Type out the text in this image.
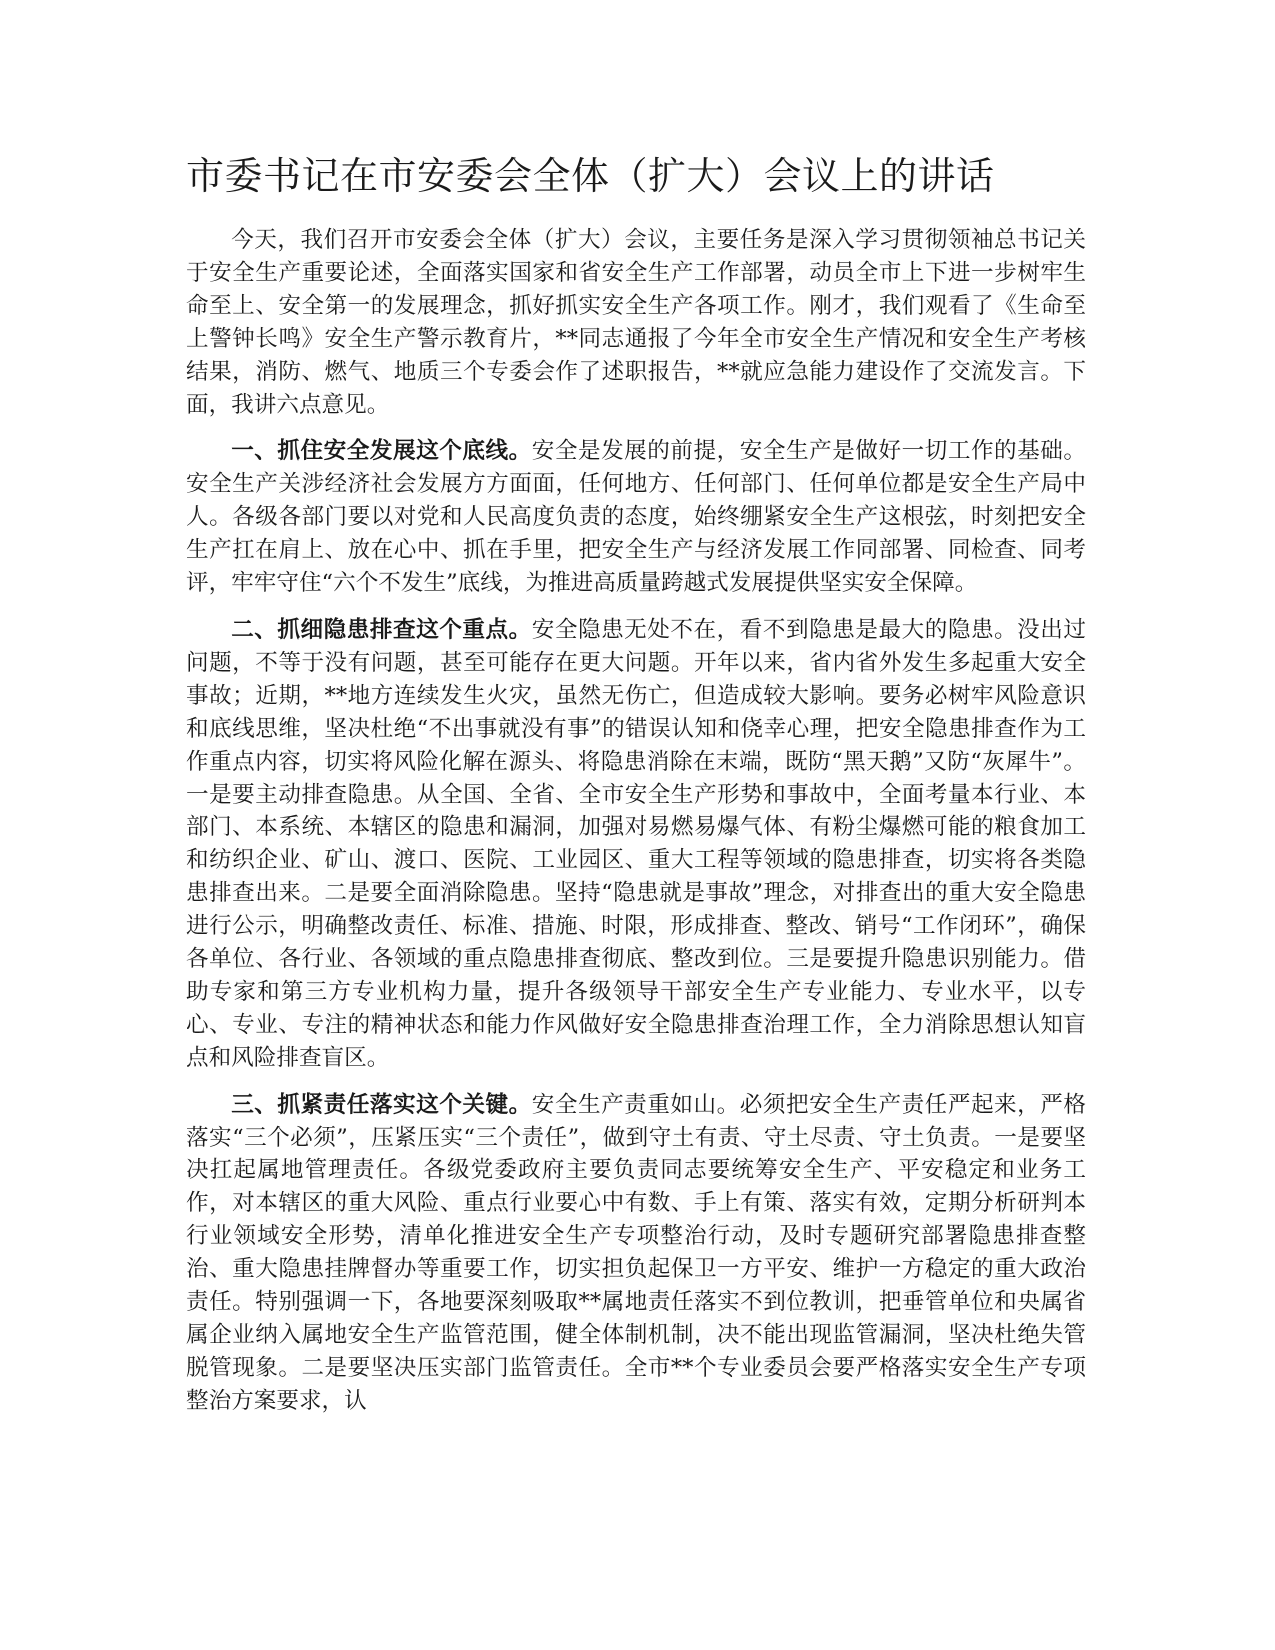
市委书记在市安委会全体（扩大）会议上的讲话

今天，我们召开市安委会全体（扩大）会议，主要任务是深入学习贯彻领袖总书记关于安全生产重要论述，全面落实国家和省安全生产工作部署，动员全市上下进一步树牢生命至上、安全第一的发展理念，抓好抓实安全生产各项工作。刚才，我们观看了《生命至上警钟长鸣》安全生产警示教育片，**同志通报了今年全市安全生产情况和安全生产考核结果，消防、燃气、地质三个专委会作了述职报告，**就应急能力建设作了交流发言。下面，我讲六点意见。

一、抓住安全发展这个底线。安全是发展的前提，安全生产是做好一切工作的基础。安全生产关涉经济社会发展方方面面，任何地方、任何部门、任何单位都是安全生产局中人。各级各部门要以对党和人民高度负责的态度，始终绷紧安全生产这根弦，时刻把安全生产扛在肩上、放在心中、抓在手里，把安全生产与经济发展工作同部署、同检查、同考评，牢牢守住“六个不发生”底线，为推进高质量跨越式发展提供坚实安全保障。

二、抓细隐患排查这个重点。安全隐患无处不在，看不到隐患是最大的隐患。没出过问题，不等于没有问题，甚至可能存在更大问题。开年以来，省内省外发生多起重大安全事故；近期，**地方连续发生火灾，虽然无伤亡，但造成较大影响。要务必树牢风险意识和底线思维，坚决杜绝“不出事就没有事”的错误认知和侥幸心理，把安全隐患排查作为工作重点内容，切实将风险化解在源头、将隐患消除在末端，既防“黑天鹅”又防“灰犀牛”。一是要主动排查隐患。从全国、全省、全市安全生产形势和事故中，全面考量本行业、本部门、本系统、本辖区的隐患和漏洞，加强对易燃易爆气体、有粉尘爆燃可能的粮食加工和纺织企业、矿山、渡口、医院、工业园区、重大工程等领域的隐患排查，切实将各类隐患排查出来。二是要全面消除隐患。坚持“隐患就是事故”理念，对排查出的重大安全隐患进行公示，明确整改责任、标准、措施、时限，形成排查、整改、销号“工作闭环”，确保各单位、各行业、各领域的重点隐患排查彻底、整改到位。三是要提升隐患识别能力。借助专家和第三方专业机构力量，提升各级领导干部安全生产专业能力、专业水平，以专心、专业、专注的精神状态和能力作风做好安全隐患排查治理工作，全力消除思想认知盲点和风险排查盲区。

三、抓紧责任落实这个关键。安全生产责重如山。必须把安全生产责任严起来，严格落实“三个必须”，压紧压实“三个责任”，做到守土有责、守土尽责、守土负责。一是要坚决扛起属地管理责任。各级党委政府主要负责同志要统筹安全生产、平安稳定和业务工作，对本辖区的重大风险、重点行业要心中有数、手上有策、落实有效，定期分析研判本行业领域安全形势，清单化推进安全生产专项整治行动，及时专题研究部署隐患排查整治、重大隐患挂牌督办等重要工作，切实担负起保卫一方平安、维护一方稳定的重大政治责任。特别强调一下，各地要深刻吸取**属地责任落实不到位教训，把垂管单位和央属省属企业纳入属地安全生产监管范围，健全体制机制，决不能出现监管漏洞，坚决杜绝失管脱管现象。二是要坚决压实部门监管责任。全市**个专业委员会要严格落实安全生产专项整治方案要求，认
